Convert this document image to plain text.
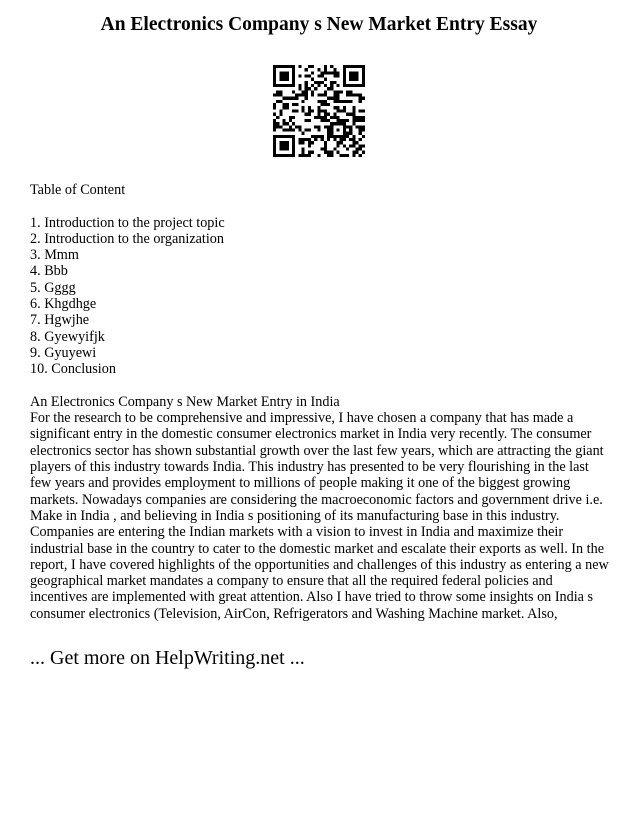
An Electronics Company s New Market Entry Essay

Table of Content

1. Introduction to the project topic
2. Introduction to the organization
3. Mmm
4. Bbb
5. Gggg
6. Khgdhge
7. Hgwjhe
8. Gyewyifjk
9. Gyuyewi
10. Conclusion

An Electronics Company s New Market Entry in India

For the research to be comprehensive and impressive, I have chosen a company that has made a significant entry in the domestic consumer electronics market in India very recently. The consumer electronics sector has shown substantial growth over the last few years, which are attracting the giant players of this industry towards India. This industry has presented to be very flourishing in the last few years and provides employment to millions of people making it one of the biggest growing markets. Nowadays companies are considering the macroeconomic factors and government drive i.e. Make in India , and believing in India s positioning of its manufacturing base in this industry. Companies are entering the Indian markets with a vision to invest in India and maximize their industrial base in the country to cater to the domestic market and escalate their exports as well. In the report, I have covered highlights of the opportunities and challenges of this industry as entering a new geographical market mandates a company to ensure that all the required federal policies and incentives are implemented with great attention. Also I have tried to throw some insights on India s consumer electronics (Television, AirCon, Refrigerators and Washing Machine market. Also,

... Get more on HelpWriting.net ...
